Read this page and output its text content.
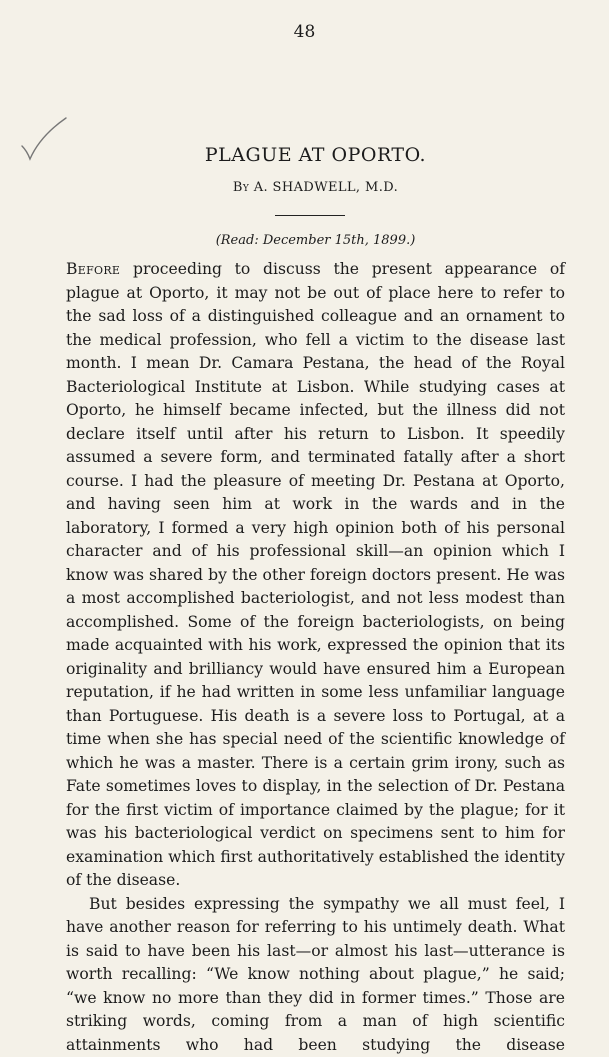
48
PLAGUE AT OPORTO.
By A. SHADWELL, M.D.
(Read: December 15th, 1899.)

Before proceeding to discuss the present appearance of plague at Oporto, it may not be out of place here to refer to the sad loss of a distinguished colleague and an ornament to the medical profession, who fell a victim to the disease last month. I mean Dr. Camara Pestana, the head of the Royal Bacteriological Institute at Lisbon. While studying cases at Oporto, he himself became infected, but the illness did not declare itself until after his return to Lisbon. It speedily assumed a severe form, and terminated fatally after a short course. I had the pleasure of meeting Dr. Pestana at Oporto, and having seen him at work in the wards and in the laboratory, I formed a very high opinion both of his personal character and of his professional skill—an opinion which I know was shared by the other foreign doctors present. He was a most accomplished bacteriologist, and not less modest than accomplished. Some of the foreign bacteriologists, on being made acquainted with his work, expressed the opinion that its originality and brilliancy would have ensured him a European reputation, if he had written in some less unfamiliar language than Portuguese. His death is a severe loss to Portugal, at a time when she has special need of the scientific knowledge of which he was a master. There is a certain grim irony, such as Fate sometimes loves to display, in the selection of Dr. Pestana for the first victim of importance claimed by the plague; for it was his bacteriological verdict on specimens sent to him for examination which first authoritatively established the identity of the disease.

But besides expressing the sympathy we all must feel, I have another reason for referring to his untimely death. What is said to have been his last—or almost his last—utterance is worth recalling: “We know nothing about plague,” he said; “we know no more than they did in former times.” Those are striking words, coming from a man of high scientific attainments who had been studying the disease
